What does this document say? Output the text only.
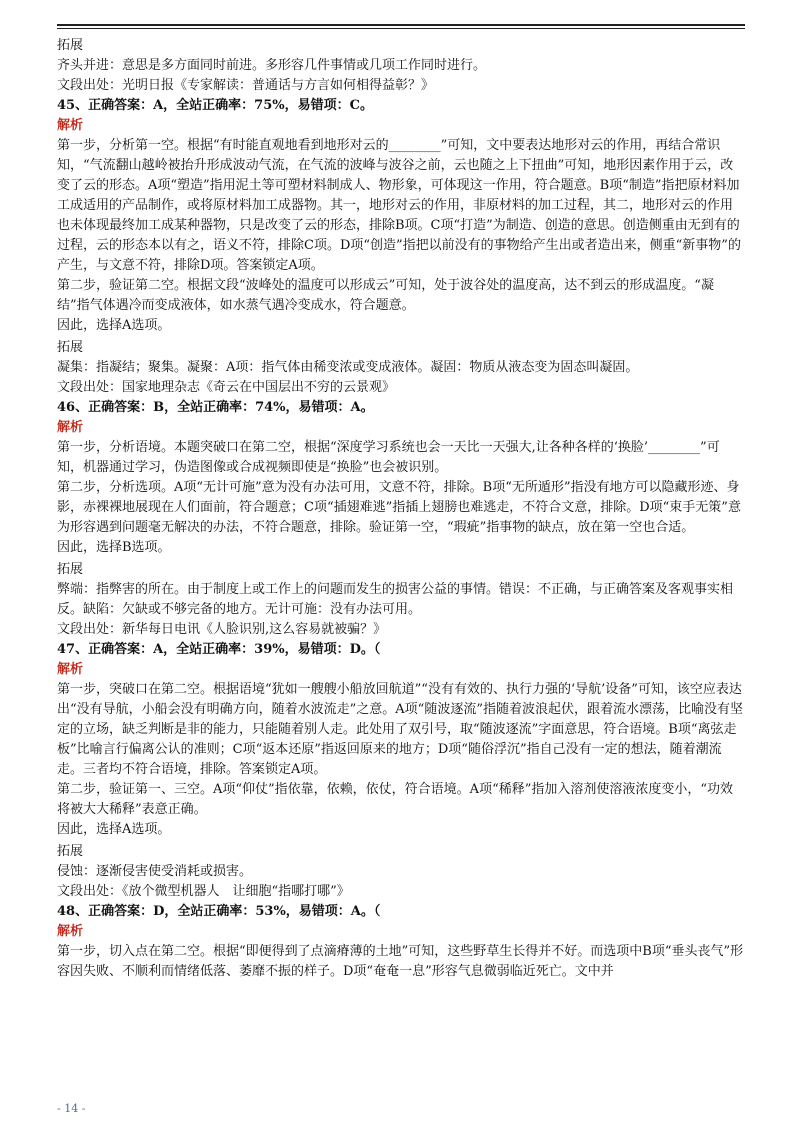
拓展

齐头并进：意思是多方面同时前进。多形容几件事情或几项工作同时进行。

文段出处：光明日报《专家解读：普通话与方言如何相得益彰？》

45、正确答案：A，全站正确率：75%，易错项：C。

解析

第一步，分析第一空。根据“有时能直观地看到地形对云的________”可知，文中要表达地形对云的作用，再结合常识知，“气流翻山越岭被抬升形成波动气流，在气流的波峰与波谷之前，云也随之上下扭曲”可知，地形因素作用于云，改变了云的形态。A项“塑造”指用泥土等可塑材料制成人、物形象，可体现这一作用，符合题意。B项“制造”指把原材料加工成适用的产品制作，或将原材料加工成器物。其一，地形对云的作用，非原材料的加工过程，其二，地形对云的作用也未体现最终加工成某种器物，只是改变了云的形态，排除B项。C项“打造”为制造、创造的意思。创造侧重由无到有的过程，云的形态本以有之，语义不符，排除C项。D项“创造”指把以前没有的事物给产生出或者造出来，侧重“新事物”的产生，与文意不符，排除D项。答案锁定A项。

第二步，验证第二空。根据文段“波峰处的温度可以形成云”可知，处于波谷处的温度高，达不到云的形成温度。“凝结”指气体遇冷而变成液体，如水蒸气遇冷变成水，符合题意。

因此，选择A选项。

拓展

凝集：指凝结；聚集。凝聚：A项：指气体由稀变浓或变成液体。凝固：物质从液态变为固态叫凝固。

文段出处：国家地理杂志《奇云在中国层出不穷的云景观》

46、正确答案：B，全站正确率：74%，易错项：A。

解析

第一步，分析语境。本题突破口在第二空，根据“深度学习系统也会一天比一天强大,让各种各样的‘换脸’________”可知，机器通过学习，伪造图像或合成视频即使是“换脸”也会被识别。

第二步，分析选项。A项“无计可施”意为没有办法可用，文意不符，排除。B项“无所遁形”指没有地方可以隐藏形迹、身影，赤裸裸地展现在人们面前，符合题意；C项“插翅难逃”指插上翅膀也难逃走，不符合文意，排除。D项“束手无策”意为形容遇到问题毫无解决的办法，不符合题意，排除。验证第一空，“瑕疵”指事物的缺点，放在第一空也合适。

因此，选择B选项。

拓展

弊端：指弊害的所在。由于制度上或工作上的问题而发生的损害公益的事情。错误：不正确，与正确答案及客观事实相反。缺陷：欠缺或不够完备的地方。无计可施：没有办法可用。

文段出处：新华每日电讯《人脸识别,这么容易就被骗？》

47、正确答案：A，全站正确率：39%，易错项：D。（

解析

第一步，突破口在第二空。根据语境“犹如一艘艘小船放回航道”“没有有效的、执行力强的‘导航’设备”可知，该空应表达出“没有导航，小船会没有明确方向，随着水波流走”之意。A项“随波逐流”指随着波浪起伏，跟着流水漂荡，比喻没有坚定的立场，缺乏判断是非的能力，只能随着别人走。此处用了双引号，取“随波逐流”字面意思，符合语境。B项“离弦走板”比喻言行偏离公认的准则；C项“返本还原”指返回原来的地方；D项“随俗浮沉”指自己没有一定的想法，随着潮流走。三者均不符合语境，排除。答案锁定A项。

第二步，验证第一、三空。A项“仰仗”指依靠，依赖，依仗，符合语境。A项“稀释”指加入溶剂使溶液浓度变小，“功效将被大大稀释”表意正确。

因此，选择A选项。

拓展

侵蚀：逐渐侵害使受消耗或损害。

文段出处：《放个微型机器人　让细胞“指哪打哪”》

48、正确答案：D，全站正确率：53%，易错项：A。（

解析

第一步，切入点在第二空。根据“即便得到了点滴瘠薄的土地”可知，这些野草生长得并不好。而选项中B项“垂头丧气”形容因失败、不顺利而情绪低落、萎靡不振的样子。D项“奄奄一息”形容气息微弱临近死亡。文中并

- 14 -
